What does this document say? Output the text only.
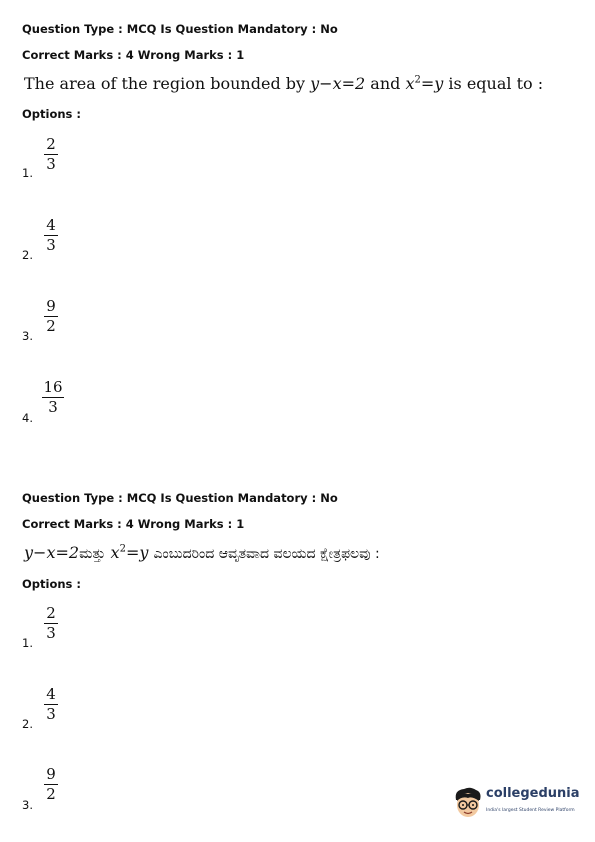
Question Type : MCQ Is Question Mandatory : No
Correct Marks : 4 Wrong Marks : 1
The area of the region bounded by y−x=2 and $x^2=y$ is equal to :
Options :
1.
2
3
2.
4
3
3.
9
2
4.
16
3
Question Type : MCQ Is Question Mandatory : No
Correct Marks : 4 Wrong Marks : 1
y−x=2ಮತ್ತು $x^2=y$ ಎಂಬುದರಿಂದ ಆವೃತವಾದ ವಲಯದ ಕ್ಷೇತ್ರಫಲವು :
Options :
1.
2
3
2.
4
3
3.
9
2	collegedunia
India's largest Student Review Platform
